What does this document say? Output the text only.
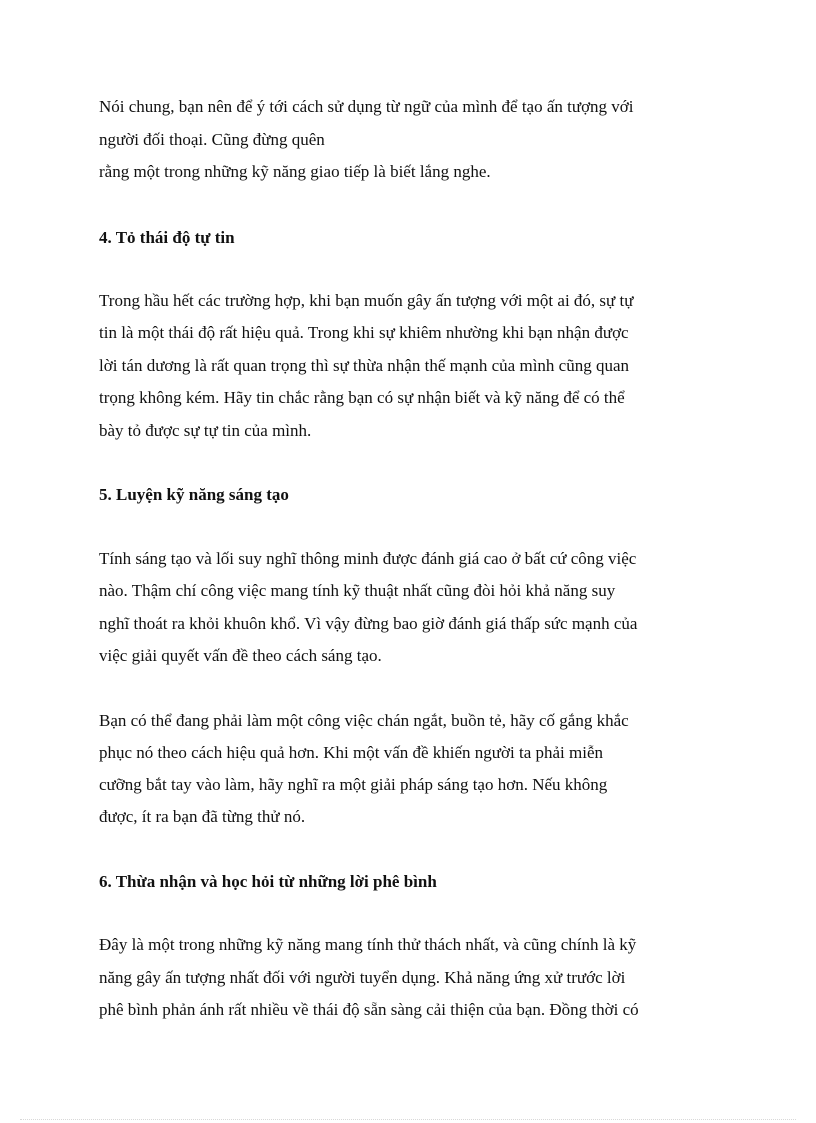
Nói chung, bạn nên để ý tới cách sử dụng từ ngữ của mình để tạo ấn tượng với
người đối thoại. Cũng đừng quên
rằng một trong những kỹ năng giao tiếp là biết lắng nghe.
4. Tỏ thái độ tự tin
Trong hầu hết các trường hợp, khi bạn muốn gây ấn tượng với một ai đó, sự tự
tin là một thái độ rất hiệu quả. Trong khi sự khiêm nhường khi bạn nhận được
lời tán dương là rất quan trọng thì sự thừa nhận thế mạnh của mình cũng quan
trọng không kém. Hãy tin chắc rằng bạn có sự nhận biết và kỹ năng để có thể
bày tỏ được sự tự tin của mình.
5. Luyện kỹ năng sáng tạo
Tính sáng tạo và lối suy nghĩ thông minh được đánh giá cao ở bất cứ công việc
nào. Thậm chí công việc mang tính kỹ thuật nhất cũng đòi hỏi khả năng suy
nghĩ thoát ra khỏi khuôn khổ. Vì vậy đừng bao giờ đánh giá thấp sức mạnh của
việc giải quyết vấn đề theo cách sáng tạo.
Bạn có thể đang phải làm một công việc chán ngắt, buồn tẻ, hãy cố gắng khắc
phục nó theo cách hiệu quả hơn. Khi một vấn đề khiến người ta phải miễn
cưỡng bắt tay vào làm, hãy nghĩ ra một giải pháp sáng tạo hơn. Nếu không
được, ít ra bạn đã từng thử nó.
6. Thừa nhận và học hỏi từ những lời phê bình
Đây là một trong những kỹ năng mang tính thử thách nhất, và cũng chính là kỹ
năng gây ấn tượng nhất đối với người tuyển dụng. Khả năng ứng xử trước lời
phê bình phản ánh rất nhiều về thái độ sẵn sàng cải thiện của bạn. Đồng thời có
